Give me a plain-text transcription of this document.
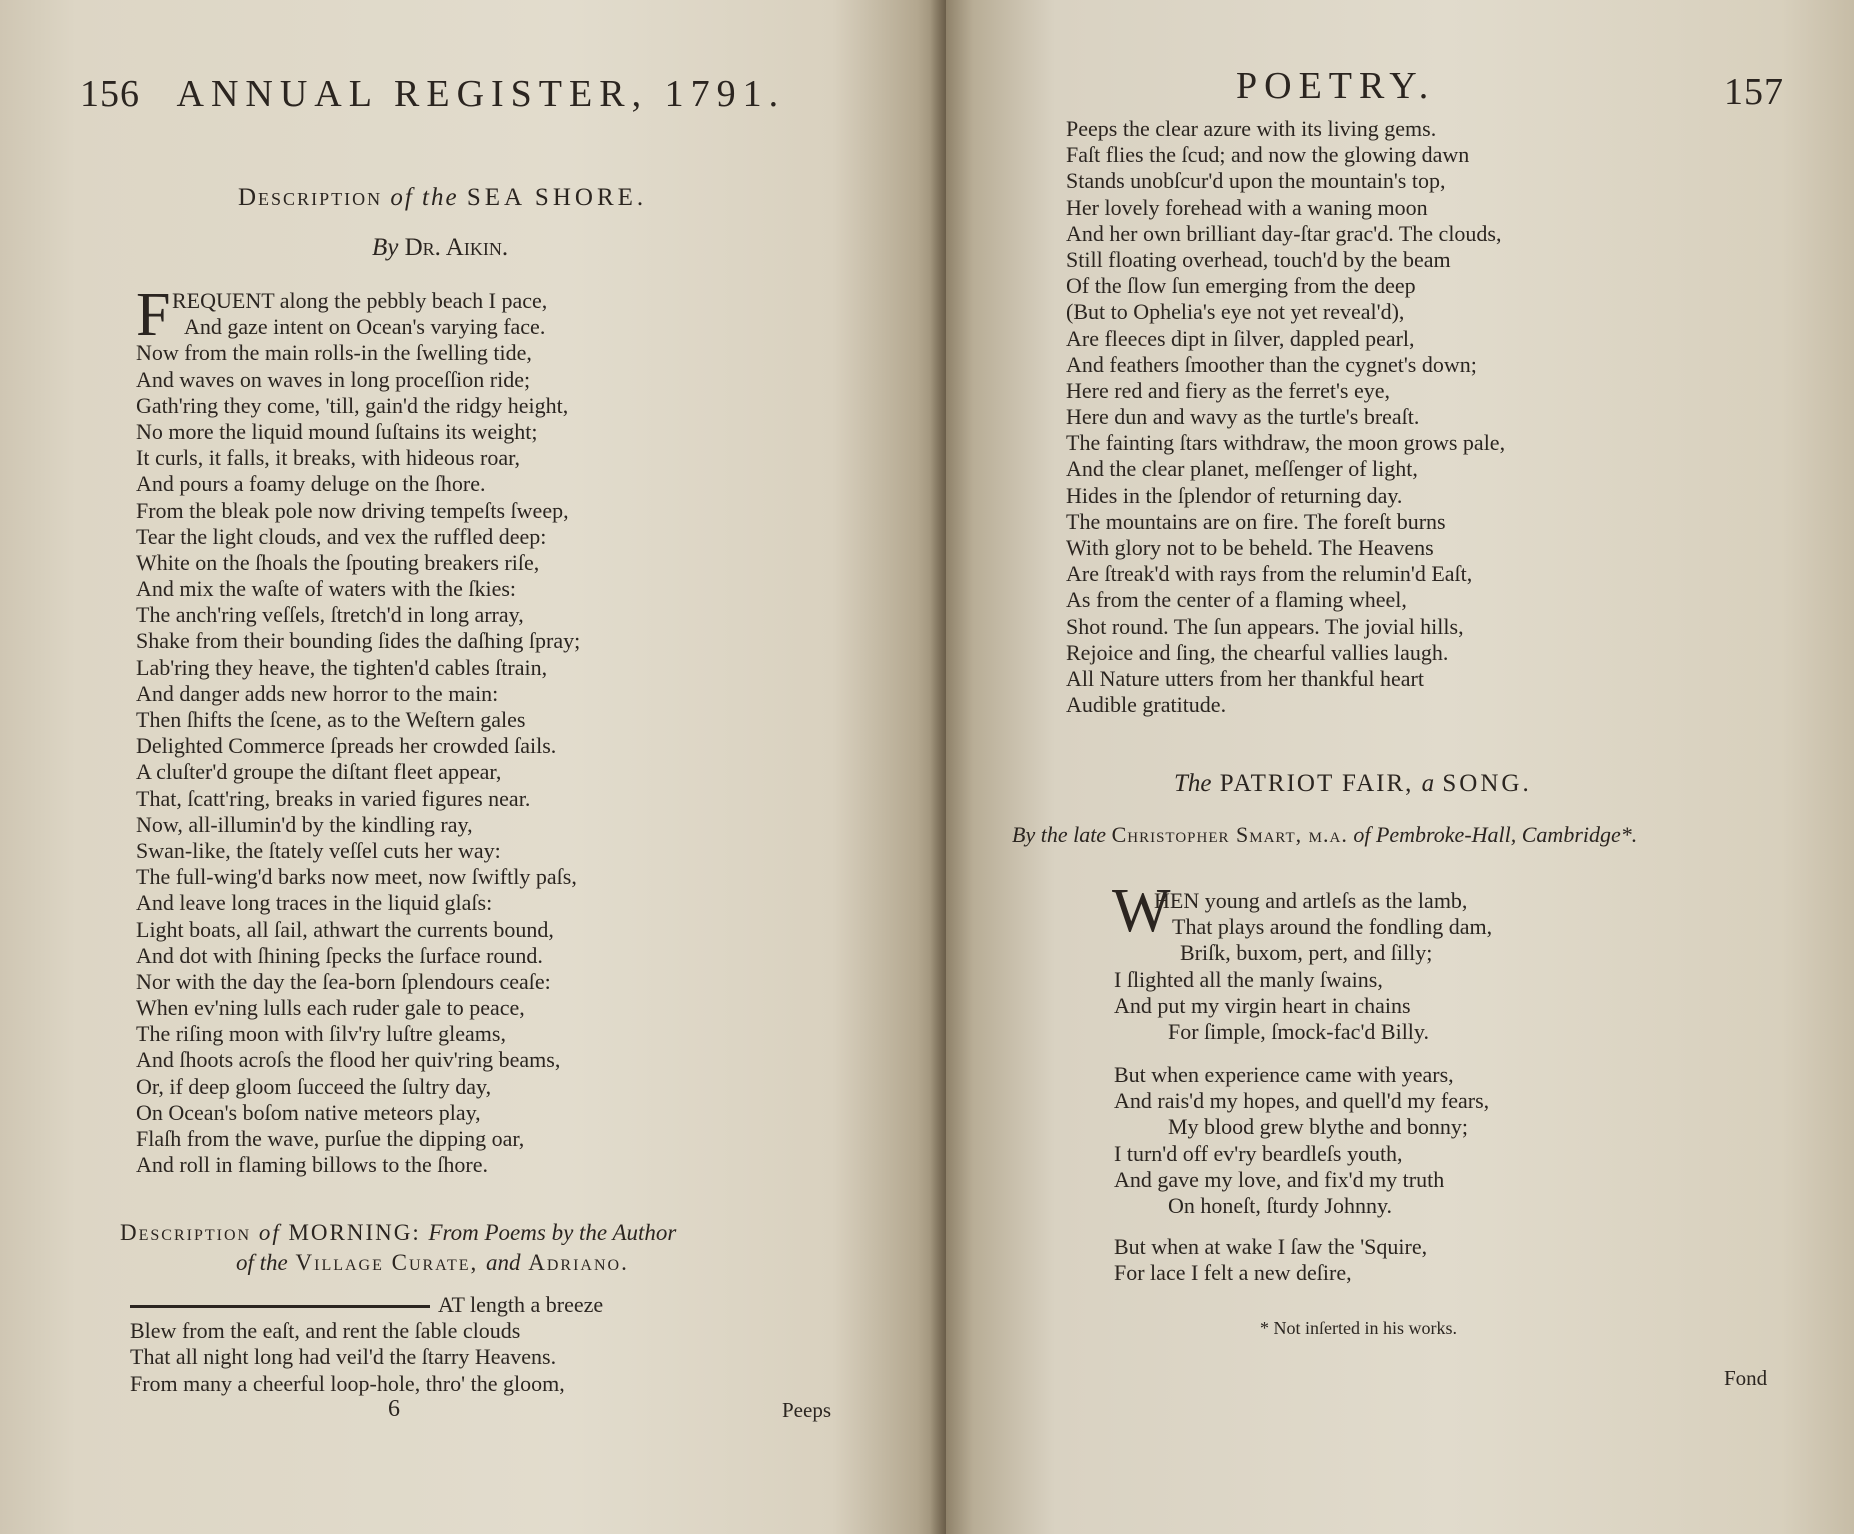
156 ANNUAL REGISTER, 1791.
Description of the SEA SHORE.
By Dr. Aikin.
F REQUENT along the pebbly beach I pace,
And gaze intent on Ocean's varying face.
Now from the main rolls-in the ſwelling tide,
And waves on waves in long proceſſion ride;
Gath'ring they come, 'till, gain'd the ridgy height,
No more the liquid mound ſuſtains its weight;
It curls, it falls, it breaks, with hideous roar,
And pours a foamy deluge on the ſhore.
From the bleak pole now driving tempeſts ſweep,
Tear the light clouds, and vex the ruffled deep:
White on the ſhoals the ſpouting breakers riſe,
And mix the waſte of waters with the ſkies:
The anch'ring veſſels, ſtretch'd in long array,
Shake from their bounding ſides the daſhing ſpray;
Lab'ring they heave, the tighten'd cables ſtrain,
And danger adds new horror to the main:
Then ſhifts the ſcene, as to the Weſtern gales
Delighted Commerce ſpreads her crowded ſails.
A cluſter'd groupe the diſtant fleet appear,
That, ſcatt'ring, breaks in varied figures near.
Now, all-illumin'd by the kindling ray,
Swan-like, the ſtately veſſel cuts her way:
The full-wing'd barks now meet, now ſwiftly paſs,
And leave long traces in the liquid glaſs:
Light boats, all ſail, athwart the currents bound,
And dot with ſhining ſpecks the ſurface round.
Nor with the day the ſea-born ſplendours ceaſe:
When ev'ning lulls each ruder gale to peace,
The riſing moon with ſilv'ry luſtre gleams,
And ſhoots acroſs the flood her quiv'ring beams,
Or, if deep gloom ſucceed the ſultry day,
On Ocean's boſom native meteors play,
Flaſh from the wave, purſue the dipping oar,
And roll in flaming billows to the ſhore.
Description of MORNING: From Poems by the Author
of the Village Curate, and Adriano.
AT length a breeze
Blew from the eaſt, and rent the ſable clouds
That all night long had veil'd the ſtarry Heavens.
From many a cheerful loop-hole, thro' the gloom,
6	Peeps
POETRY.	157
Peeps the clear azure with its living gems.
Faſt flies the ſcud; and now the glowing dawn
Stands unobſcur'd upon the mountain's top,
Her lovely forehead with a waning moon
And her own brilliant day-ſtar grac'd. The clouds,
Still floating overhead, touch'd by the beam
Of the ſlow ſun emerging from the deep
(But to Ophelia's eye not yet reveal'd),
Are fleeces dipt in ſilver, dappled pearl,
And feathers ſmoother than the cygnet's down;
Here red and fiery as the ferret's eye,
Here dun and wavy as the turtle's breaſt.
The fainting ſtars withdraw, the moon grows pale,
And the clear planet, meſſenger of light,
Hides in the ſplendor of returning day.
The mountains are on fire. The foreſt burns
With glory not to be beheld. The Heavens
Are ſtreak'd with rays from the relumin'd Eaſt,
As from the center of a flaming wheel,
Shot round. The ſun appears. The jovial hills,
Rejoice and ſing, the chearful vallies laugh.
All Nature utters from her thankful heart
Audible gratitude.
The PATRIOT FAIR, a SONG.
By the late Christopher Smart, m.a. of Pembroke-Hall, Cambridge*.
W
HEN young and artleſs as the lamb,
That plays around the fondling dam,
Briſk, buxom, pert, and ſilly;
I ſlighted all the manly ſwains,
And put my virgin heart in chains
For ſimple, ſmock-fac'd Billy.
But when experience came with years,
And rais'd my hopes, and quell'd my fears,
My blood grew blythe and bonny;
I turn'd off ev'ry beardleſs youth,
And gave my love, and fix'd my truth
On honeſt, ſturdy Johnny.
But when at wake I ſaw the 'Squire,
For lace I felt a new deſire,
* Not inſerted in his works.
Fond
